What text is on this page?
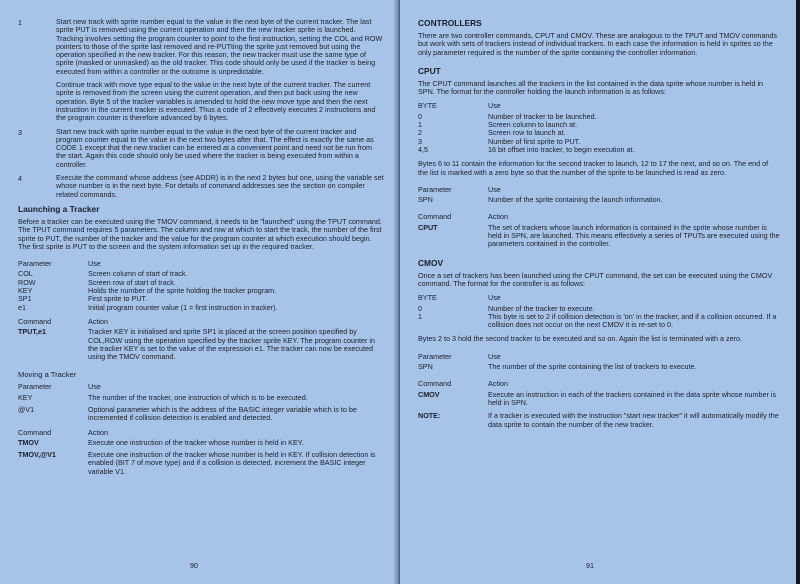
1	Start new track with sprite number equal to the value in the next byte of the current tracker. The last sprite PUT is removed using the current operation and then the new tracker sprite is launched. Tracking involves setting the program counter to point to the first instruction, setting the COL and ROW pointers to those of the sprite last removed and re-PUTting the sprite just removed but using the operation specified in the new tracker. For this reason, the new tracker must use the same type of sprite (masked or unmasked) as the old tracker. This code should only be used if the tracker is being executed from within a controller or the outcome is unpredictable.

Continue track with move type equal to the value in the next byte of the current tracker. The current sprite is removed from the screen using the current operation, and then put back using the new operation. Byte 5 of the tracker variables is amended to hold the new move type and then the next instruction in the current tracker is executed. Thus a code of 2 effectively executes 2 instructions and the program counter is therefore advanced by 6 bytes.

3	Start new track with sprite number equal to the value in the next byte of the current tracker and program counter equal to the value in the next two bytes after that. The effect is exactly the same as CODE 1 except that the new tracker can be entered at a convenient point and need not be run from the start. Again this code should only be used where the tracker is being executed from within a controller.

4	Execute the command whose address (see ADDR) is in the next 2 bytes but one, using the variable set whose number is in the next byte. For details of command addresses see the section on compiler related commands.

Launching a Tracker

Before a tracker can be executed using the TMOV command, it needs to be "launched" using the TPUT command. The TPUT command requires 5 parameters. The column and row at which to start the track, the number of the first sprite to PUT, the number of the tracker and the value for the program counter at which execution should begin. The first sprite is PUT to the screen and the system information set up in the required tracker.

Parameter	Use
COL	Screen column of start of track.
ROW	Screen row of start of track.
KEY	Holds the number of the sprite holding the tracker program.
SP1	First sprite to PUT.
e1	Initial program counter value (1 = first instruction in tracker).
Command	Action
TPUT,e1	Tracker KEY is initialised and sprite SP1 is placed at the screen position specified by COL,ROW using the operation specified by the tracker sprite KEY. The program counter in the tracker KEY is set to the value of the expression e1. The tracker can now be executed using the TMOV command.
Moving a Tracker
Parameter	Use
KEY	The number of the tracker, one instruction of which is to be executed.
@V1	Optional parameter which is the address of the BASIC integer variable which is to be incremented if collision detection is enabled and detected.
Command	Action
TMOV	Execute one instruction of the tracker whose number is held in KEY.
TMOV,@V1	Execute one instruction of the tracker whose number is held in KEY. If collision detection is enabled (BIT 7 of move type) and if a collision is detected, increment the BASIC integer variable V1.
90
CONTROLLERS

There are two controller commands, CPUT and CMOV. These are analogous to the TPUT and TMOV commands but work with sets of trackers instead of individual trackers. In each case the information is held in sprites so the only parameter required is the number of the sprite containing the controller information.

CPUT

The CPUT command launches all the trackers in the list contained in the data sprite whose number is held in SPN. The format for the controller holding the launch information is as follows:

BYTE	Use
0	Number of tracker to be launched.
1	Screen column to launch at.
2	Screen row to launch at.
3	Number of first sprite to PUT.
4,5	16 bit offset into tracker, to begin execution at.

Bytes 6 to 11 contain the information for the second tracker to launch, 12 to 17 the next, and so on. The end of the list is marked with a zero byte so that the number of the sprite to be launched is read as zero.

Parameter	Use
SPN	Number of the sprite containing the launch information.
Command	Action
CPUT	The set of trackers whose launch information is contained in the sprite whose number is held in SPN, are launched. This means effectively a series of TPUTs are executed using the parameters contained in the controller.
CMOV

Once a set of trackers has been launched using the CPUT command, the set can be executed using the CMOV command. The format for the controller is as follows:

BYTE	Use
0	Number of the tracker to execute.
1	This byte is set to 2 if collision detection is 'on' in the tracker, and if a collision occurred. If a collision does not occur on the next CMOV it is re-set to 0.

Bytes 2 to 3 hold the second tracker to be executed and so on. Again the list is terminated with a zero.

Parameter	Use
SPN	The number of the sprite containing the list of trackers to execute.
Command	Action
CMOV	Execute an instruction in each of the trackers contained in the data sprite whose number is held in SPN.
NOTE:	If a tracker is executed with the instruction "start new tracker" it will automatically modify the data sprite to contain the number of the new tracker.
91
